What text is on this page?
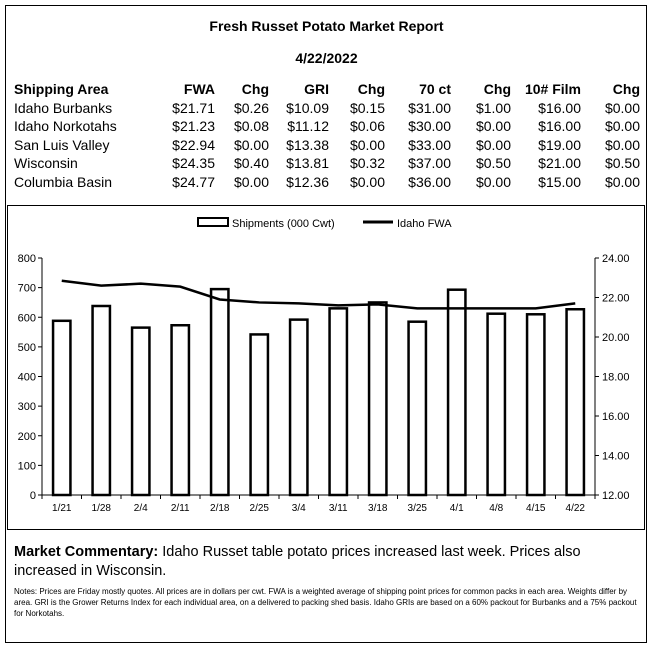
Fresh Russet Potato Market Report
4/22/2022
Shipping Area	FWA	Chg	GRI	Chg	70 ct	Chg	10# Film	Chg
Idaho Burbanks	$21.71	$0.26	$10.09	$0.15	$31.00	$1.00	$16.00	$0.00
Idaho Norkotahs	$21.23	$0.08	$11.12	$0.06	$30.00	$0.00	$16.00	$0.00
San Luis Valley	$22.94	$0.00	$13.38	$0.00	$33.00	$0.00	$19.00	$0.00
Wisconsin	$24.35	$0.40	$13.81	$0.32	$37.00	$0.50	$21.00	$0.50
Columbia Basin	$24.77	$0.00	$12.36	$0.00	$36.00	$0.00	$15.00	$0.00
0
100
200
300
400
500
600
700
800
12.00
14.00
16.00
18.00
20.00
22.00
24.00
1/21 1/28 2/4 2/11 2/18 2/25 3/4 3/11 3/18 3/25 4/1	4/8 4/15 4/22
Shipments (000 Cwt)	Idaho FWA
Market Commentary: Idaho Russet table potato prices increased last week. Prices also increased in Wisconsin.
Notes: Prices are Friday mostly quotes. All prices are in dollars per cwt. FWA is a weighted average of shipping point prices for common packs in each area. Weights differ by area. GRI is the Grower Returns Index for each individual area, on a delivered to packing shed basis. Idaho GRIs are based on a 60% packout for Burbanks and a 75% packout for Norkotahs.
